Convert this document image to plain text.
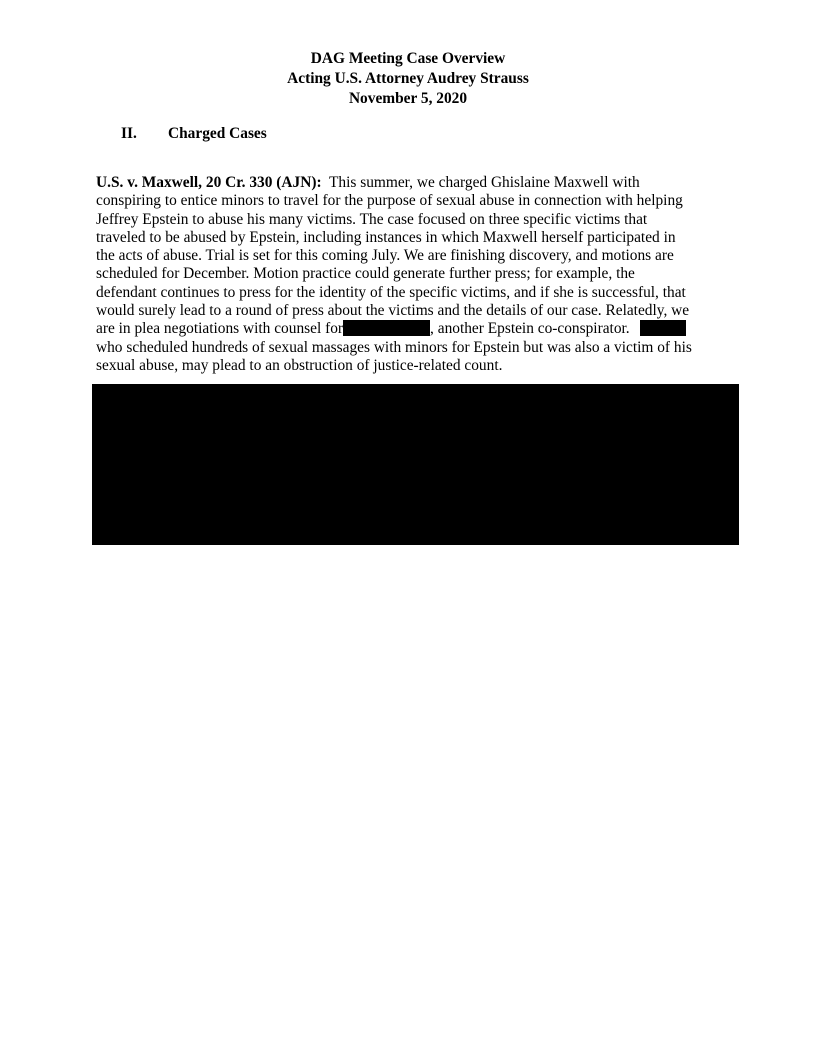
DAG Meeting Case Overview
Acting U.S. Attorney Audrey Strauss
November 5, 2020
II. Charged Cases
U.S. v. Maxwell, 20 Cr. 330 (AJN): This summer, we charged Ghislaine Maxwell with
conspiring to entice minors to travel for the purpose of sexual abuse in connection with helping
Jeffrey Epstein to abuse his many victims. The case focused on three specific victims that
traveled to be abused by Epstein, including instances in which Maxwell herself participated in
the acts of abuse. Trial is set for this coming July. We are finishing discovery, and motions are
scheduled for December. Motion practice could generate further press; for example, the
defendant continues to press for the identity of the specific victims, and if she is successful, that
would surely lead to a round of press about the victims and the details of our case. Relatedly, we
are in plea negotiations with counsel for	, another Epstein co-conspirator.
who scheduled hundreds of sexual massages with minors for Epstein but was also a victim of his
sexual abuse, may plead to an obstruction of justice-related count.
